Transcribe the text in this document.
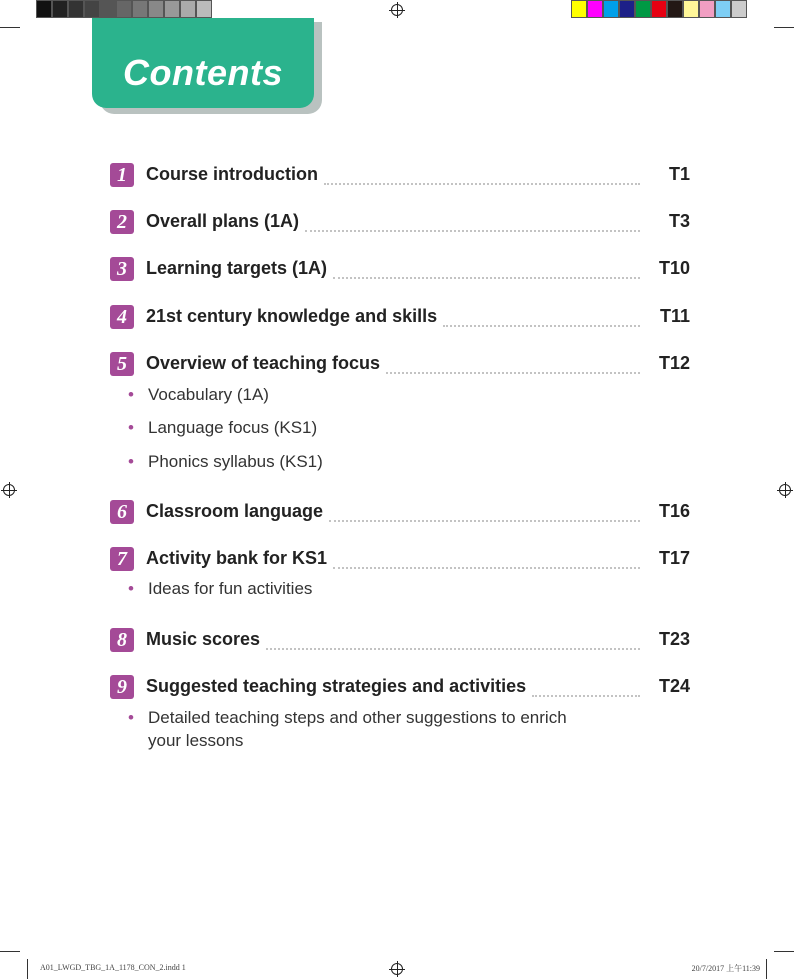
Contents
1	Course introduction	T1
2	Overall plans (1A)	T3
3	Learning targets (1A)	T10
4	21st century knowledge and skills	T11
5	Overview of teaching focus	T12
• Vocabulary (1A)
• Language focus (KS1)
• Phonics syllabus (KS1)
6	Classroom language	T16
7	Activity bank for KS1	T17
• Ideas for fun activities
8	Music scores	T23
9	Suggested teaching strategies and activities	T24
• Detailed teaching steps and other suggestions to enrich your lessons
A01_LWGD_TBG_1A_1178_CON_2.indd 1	20/7/2017 上午11:39
